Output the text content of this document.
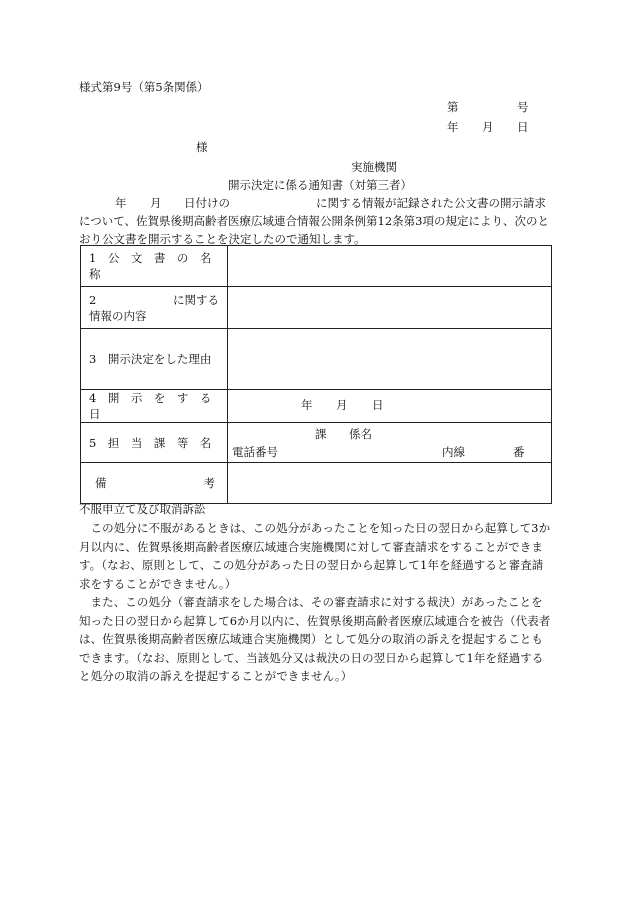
様式第9号（第5条関係）
第	号
年 月 日
様
実施機関
開示決定に係る通知書（対第三者）
年 月 日付けの	に関する情報が記録された公文書の開示請求
について、佐賀県後期高齢者医療広域連合情報公開条例第12条第3項の規定により、次のと
おり公文書を開示することを決定したので通知します。
1　公　文　書　の　名　称	

2 に関する
情報の内容	

3　開示決定をした理由	
4　開　示　を　す　る　日	年 月 日

5　担　当　課　等　名	課 係名
電話番号 内線 番

備 考	

不服申立て及び取消訴訟

この処分に不服があるときは、この処分があったことを知った日の翌日から起算して3か月以内に、佐賀県後期高齢者医療広域連合実施機関に対して審査請求をすることができます。（なお、原則として、この処分があった日の翌日から起算して1年を経過すると審査請求をすることができません。）

また、この処分（審査請求をした場合は、その審査請求に対する裁決）があったことを知った日の翌日から起算して6か月以内に、佐賀県後期高齢者医療広域連合を被告（代表者は、佐賀県後期高齢者医療広域連合実施機関）として処分の取消の訴えを提起することもできます。（なお、原則として、当該処分又は裁決の日の翌日から起算して1年を経過すると処分の取消の訴えを提起することができません。）
